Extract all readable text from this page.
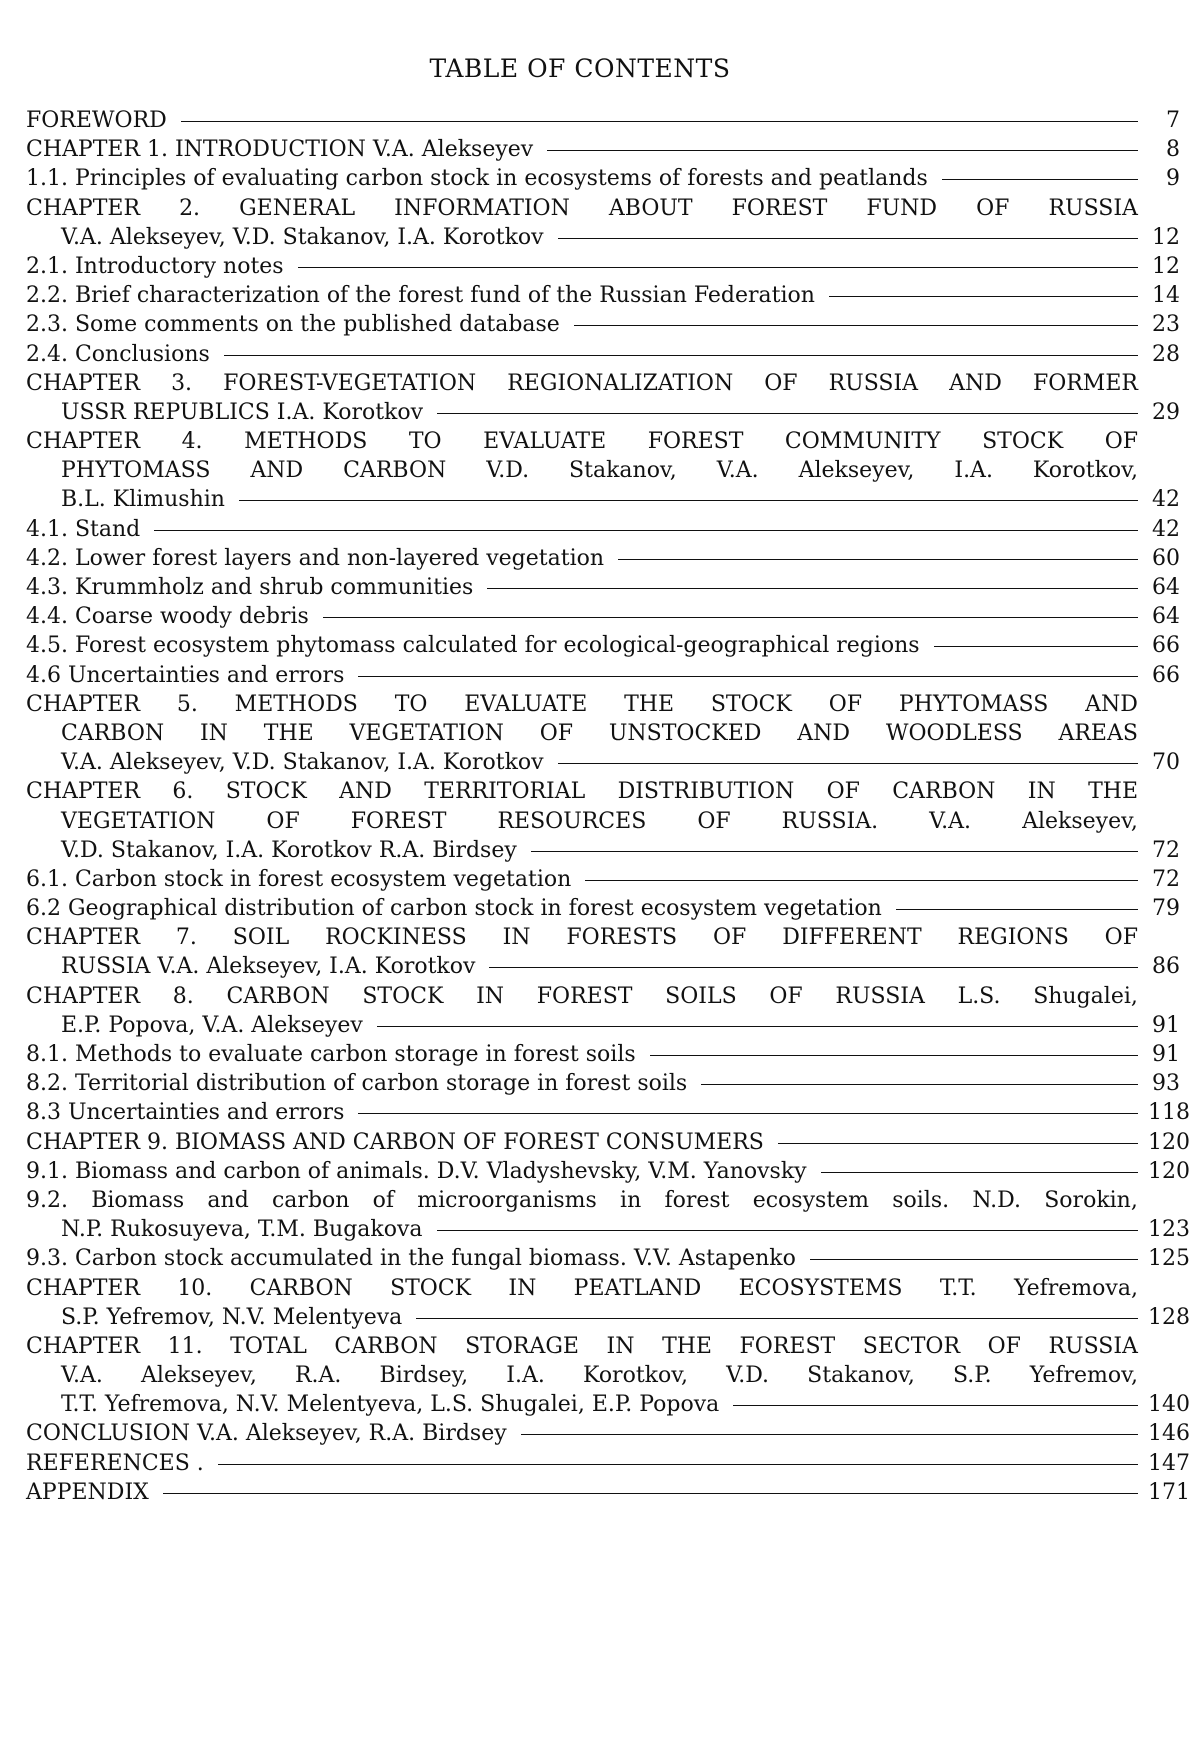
TABLE OF CONTENTS
FOREWORD	7
CHAPTER 1. INTRODUCTION V.A. Alekseyev	8
1.1. Principles of evaluating carbon stock in ecosystems of forests and peatlands	9
CHAPTER 2. GENERAL INFORMATION ABOUT FOREST FUND OF RUSSIA
V.A. Alekseyev, V.D. Stakanov, I.A. Korotkov	12
2.1. Introductory notes	12
2.2. Brief characterization of the forest fund of the Russian Federation	14
2.3. Some comments on the published database	23
2.4. Conclusions	28
CHAPTER 3. FOREST-VEGETATION REGIONALIZATION OF RUSSIA AND FORMER
USSR REPUBLICS I.A. Korotkov	29
CHAPTER 4. METHODS TO EVALUATE FOREST COMMUNITY STOCK OF
PHYTOMASS AND CARBON V.D. Stakanov, V.A. Alekseyev, I.A. Korotkov,
B.L. Klimushin	42
4.1. Stand	42
4.2. Lower forest layers and non-layered vegetation	60
4.3. Krummholz and shrub communities	64
4.4. Coarse woody debris	64
4.5. Forest ecosystem phytomass calculated for ecological-geographical regions	66
4.6 Uncertainties and errors	66
CHAPTER 5. METHODS TO EVALUATE THE STOCK OF PHYTOMASS AND
CARBON IN THE VEGETATION OF UNSTOCKED AND WOODLESS AREAS
V.A. Alekseyev, V.D. Stakanov, I.A. Korotkov	70
CHAPTER 6. STOCK AND TERRITORIAL DISTRIBUTION OF CARBON IN THE
VEGETATION OF FOREST RESOURCES OF RUSSIA. V.A. Alekseyev,
V.D. Stakanov, I.A. Korotkov R.A. Birdsey	72
6.1. Carbon stock in forest ecosystem vegetation	72
6.2 Geographical distribution of carbon stock in forest ecosystem vegetation	79
CHAPTER 7. SOIL ROCKINESS IN FORESTS OF DIFFERENT REGIONS OF
RUSSIA V.A. Alekseyev, I.A. Korotkov	86
CHAPTER 8. CARBON STOCK IN FOREST SOILS OF RUSSIA L.S. Shugalei,
E.P. Popova, V.A. Alekseyev	91
8.1. Methods to evaluate carbon storage in forest soils	91
8.2. Territorial distribution of carbon storage in forest soils	93
8.3 Uncertainties and errors	118
CHAPTER 9. BIOMASS AND CARBON OF FOREST CONSUMERS	120
9.1. Biomass and carbon of animals. D.V. Vladyshevsky, V.M. Yanovsky	120
9.2. Biomass and carbon of microorganisms in forest ecosystem soils. N.D. Sorokin,
N.P. Rukosuyeva, T.M. Bugakova	123
9.3. Carbon stock accumulated in the fungal biomass. V.V. Astapenko	125
CHAPTER 10. CARBON STOCK IN PEATLAND ECOSYSTEMS T.T. Yefremova,
S.P. Yefremov, N.V. Melentyeva	128
CHAPTER 11. TOTAL CARBON STORAGE IN THE FOREST SECTOR OF RUSSIA
V.A. Alekseyev, R.A. Birdsey, I.A. Korotkov, V.D. Stakanov, S.P. Yefremov,
T.T. Yefremova, N.V. Melentyeva, L.S. Shugalei, E.P. Popova	140
CONCLUSION V.A. Alekseyev, R.A. Birdsey	146
REFERENCES .	147
APPENDIX	171
